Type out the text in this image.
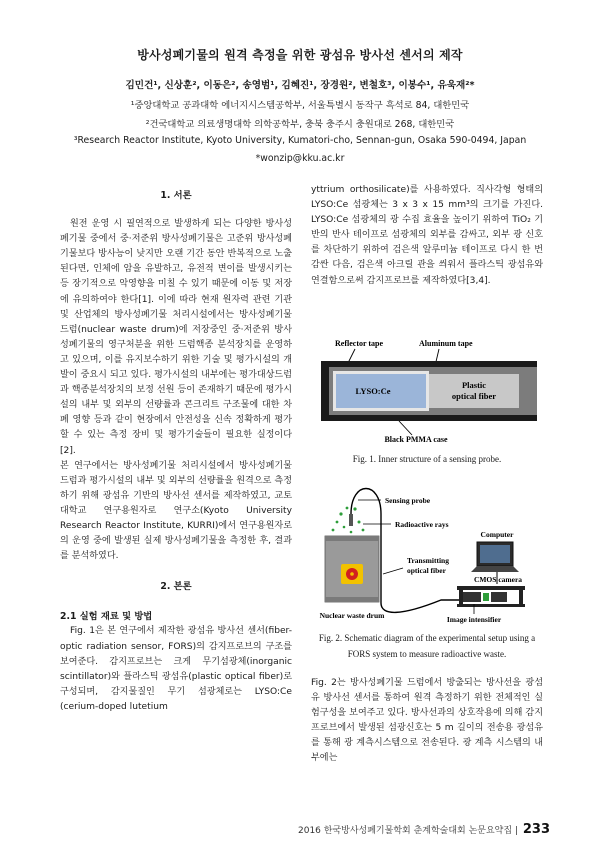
방사성폐기물의 원격 측정을 위한 광섬유 방사선 센서의 제작
김민건¹, 신상훈², 이동은², 송영범¹, 김혜진¹, 장경원², 변철호³, 이봉수¹, 유욱재²*
¹중앙대학교 공과대학 에너지시스템공학부, 서울특별시 동작구 흑석로 84, 대한민국
²건국대학교 의료생명대학 의학공학부, 충북 충주시 충원대로 268, 대한민국
³Research Reactor Institute, Kyoto University, Kumatori-cho, Sennan-gun, Osaka 590-0494, Japan
*wonzip@kku.ac.kr

1. 서론

원전 운영 시 필연적으로 발생하게 되는 다양한 방사성폐기물 중에서 중·저준위 방사성폐기물은 고준위 방사성폐기물보다 방사능이 낮지만 오랜 기간 동안 반복적으로 노출된다면, 인체에 암을 유발하고, 유전적 변이를 발생시키는 등 장기적으로 악영향을 미칠 수 있기 때문에 이동 및 저장에 유의하여야 한다[1]. 이에 따라 현재 원자력 관련 기관 및 산업체의 방사성폐기물 처리시설에서는 방사성폐기물 드럼(nuclear waste drum)에 저장중인 중·저준위 방사성폐기물의 영구처분을 위한 드럼핵종 분석장치를 운영하고 있으며, 이를 유지보수하기 위한 기술 및 평가시설의 개발이 중요시 되고 있다. 평가시설의 내부에는 평가대상드럼과 핵종분석장치의 보정 선원 등이 존재하기 때문에 평가시설의 내부 및 외부의 선량률과 콘크리트 구조물에 대한 차폐 영향 등과 같이 현장에서 안전성을 신속 정확하게 평가할 수 있는 측정 장비 및 평가기술들이 필요한 실정이다[2].

본 연구에서는 방사성폐기물 처리시설에서 방사성폐기물 드럼과 평가시설의 내부 및 외부의 선량률을 원격으로 측정하기 위해 광섬유 기반의 방사선 센서를 제작하였고, 교토대학교 연구용원자로 연구소(Kyoto University Research Reactor Institute, KURRI)에서 연구용원자로의 운영 중에 발생된 실제 방사성폐기물을 측정한 후, 결과를 분석하였다.

2. 본론

2.1 실험 재료 및 방법

Fig. 1은 본 연구에서 제작한 광섬유 방사선 센서(fiber-optic radiation sensor, FORS)의 감지프로브의 구조를 보여준다. 감지프로브는 크게 무기섬광체(inorganic scintillator)와 플라스틱 광섬유(plastic optical fiber)로 구성되며, 감지물질인 무기 섬광체로는 LYSO:Ce (cerium-doped lutetium

yttrium orthosilicate)를 사용하였다. 직사각형 형태의 LYSO:Ce 섬광체는 3 x 3 x 15 mm³의 크기를 가진다. LYSO:Ce 섬광체의 광 수집 효율을 높이기 위하여 TiO₂ 기반의 반사 테이프로 섬광체의 외부를 감싸고, 외부 광 신호를 차단하기 위하여 검은색 알루미늄 테이프로 다시 한 번 감싼 다음, 검은색 아크릴 관을 씌워서 플라스틱 광섬유와 연결함으로써 감지프로브를 제작하였다[3,4].

Reflector tape	Aluminum tape
LYSO:Ce
Plastic
optical fiber
Black PMMA case
Fig. 1. Inner structure of a sensing probe.
Sensing probe
Radioactive rays
Transmitting
optical fiber
Computer
CMOS camera
Image intensifier
Nuclear waste drum
Fig. 2. Schematic diagram of the experimental setup using a FORS system to measure radioactive waste.

Fig. 2는 방사성폐기물 드럼에서 방출되는 방사선을 광섬유 방사선 센서를 통하여 원격 측정하기 위한 전체적인 실험구성을 보여주고 있다. 방사선과의 상호작용에 의해 감지프로브에서 발생된 섬광신호는 5 m 길이의 전송용 광섬유를 통해 광 계측시스템으로 전송된다. 광 계측 시스템의 내부에는

2016 한국방사성폐기물학회 춘계학술대회 논문요약집 | 233
